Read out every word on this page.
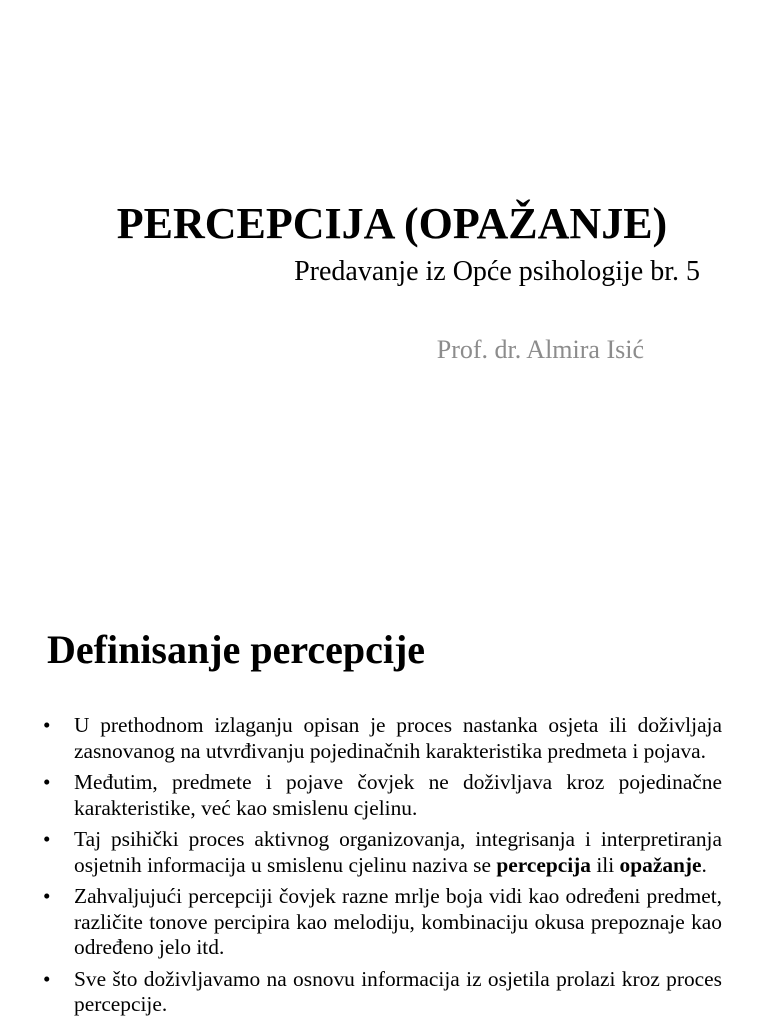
PERCEPCIJA (OPAŽANJE)

Predavanje iz Opće psihologije br. 5

Prof. dr. Almira Isić

Definisanje percepcije
• U prethodnom izlaganju opisan je proces nastanka osjeta ili doživljaja zasnovanog na utvrđivanju pojedinačnih karakteristika predmeta i pojava.
• Međutim, predmete i pojave čovjek ne doživljava kroz pojedinačne karakteristike, već kao smislenu cjelinu.
• Taj psihički proces aktivnog organizovanja, integrisanja i interpretiranja osjetnih informacija u smislenu cjelinu naziva se percepcija ili opažanje.
• Zahvaljujući percepciji čovjek razne mrlje boja vidi kao određeni predmet, različite tonove percipira kao melodiju, kombinaciju okusa prepoznaje kao određeno jelo itd.
• Sve što doživljavamo na osnovu informacija iz osjetila prolazi kroz proces percepcije.
